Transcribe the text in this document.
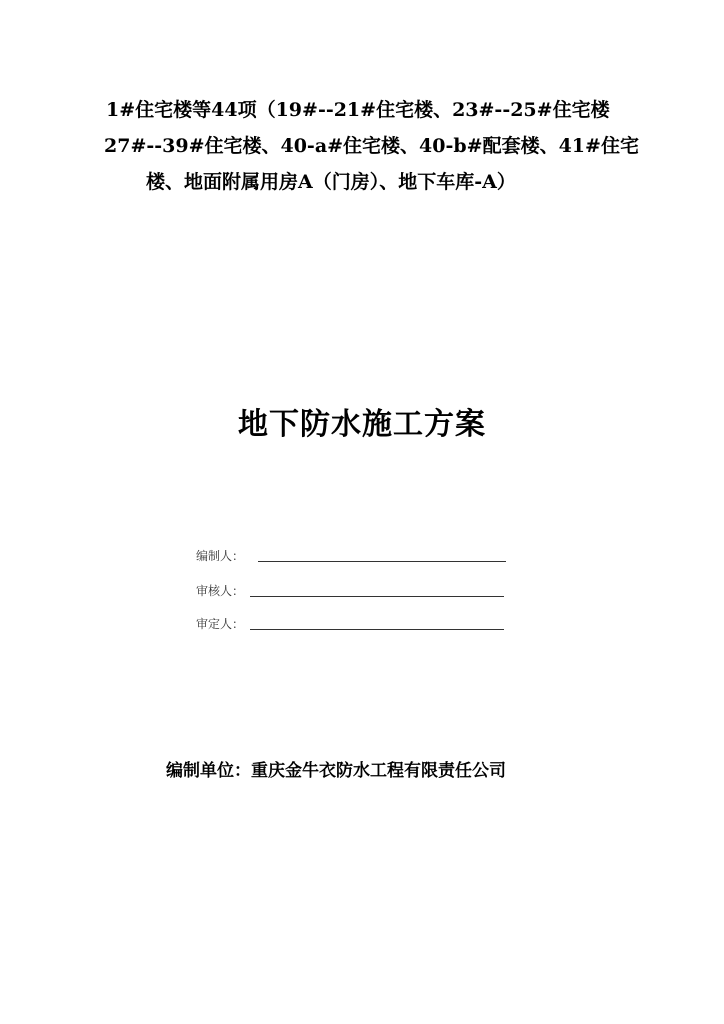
1#住宅楼等44项（19#--21#住宅楼、23#--25#住宅楼
27#--39#住宅楼、40-a#住宅楼、40-b#配套楼、41#住宅
楼、地面附属用房A（门房）、地下车库-A）
地下防水施工方案
编制人：
审核人：
审定人：
编制单位：重庆金牛衣防水工程有限责任公司
